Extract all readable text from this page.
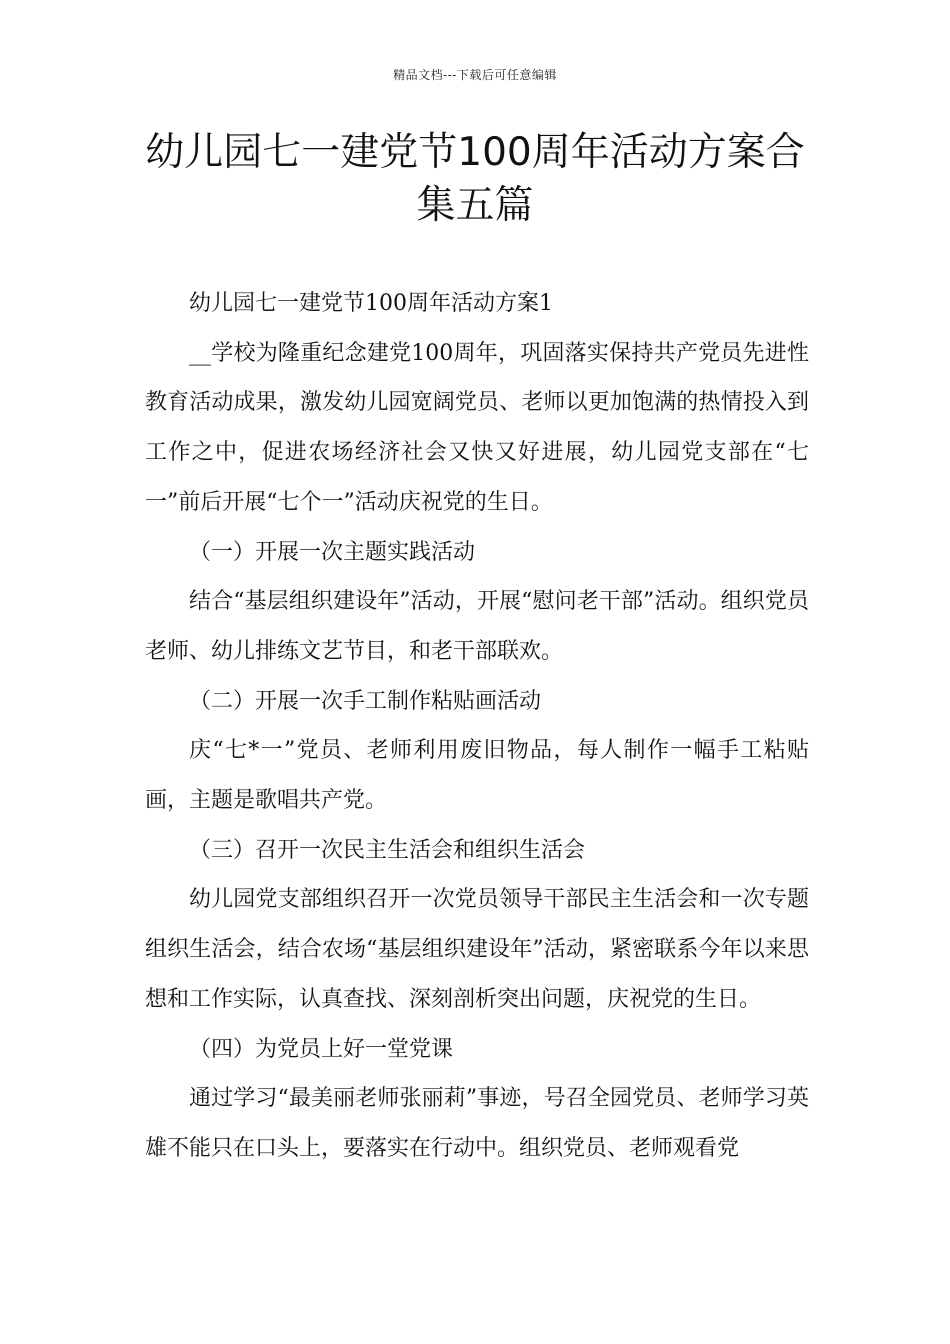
精品文档---下载后可任意编辑
幼儿园七一建党节100周年活动方案合
集五篇

幼儿园七一建党节100周年活动方案1

__学校为隆重纪念建党100周年，巩固落实保持共产党员先进性教育活动成果，激发幼儿园宽阔党员、老师以更加饱满的热情投入到工作之中，促进农场经济社会又快又好进展，幼儿园党支部在“七一”前后开展“七个一”活动庆祝党的生日。

（一）开展一次主题实践活动

结合“基层组织建设年”活动，开展“慰问老干部”活动。组织党员老师、幼儿排练文艺节目，和老干部联欢。

（二）开展一次手工制作粘贴画活动

庆“七*一”党员、老师利用废旧物品，每人制作一幅手工粘贴画，主题是歌唱共产党。

（三）召开一次民主生活会和组织生活会

幼儿园党支部组织召开一次党员领导干部民主生活会和一次专题组织生活会，结合农场“基层组织建设年”活动，紧密联系今年以来思想和工作实际，认真查找、深刻剖析突出问题，庆祝党的生日。

（四）为党员上好一堂党课

通过学习“最美丽老师张丽莉”事迹，号召全园党员、老师学习英雄不能只在口头上，要落实在行动中。组织党员、老师观看党
